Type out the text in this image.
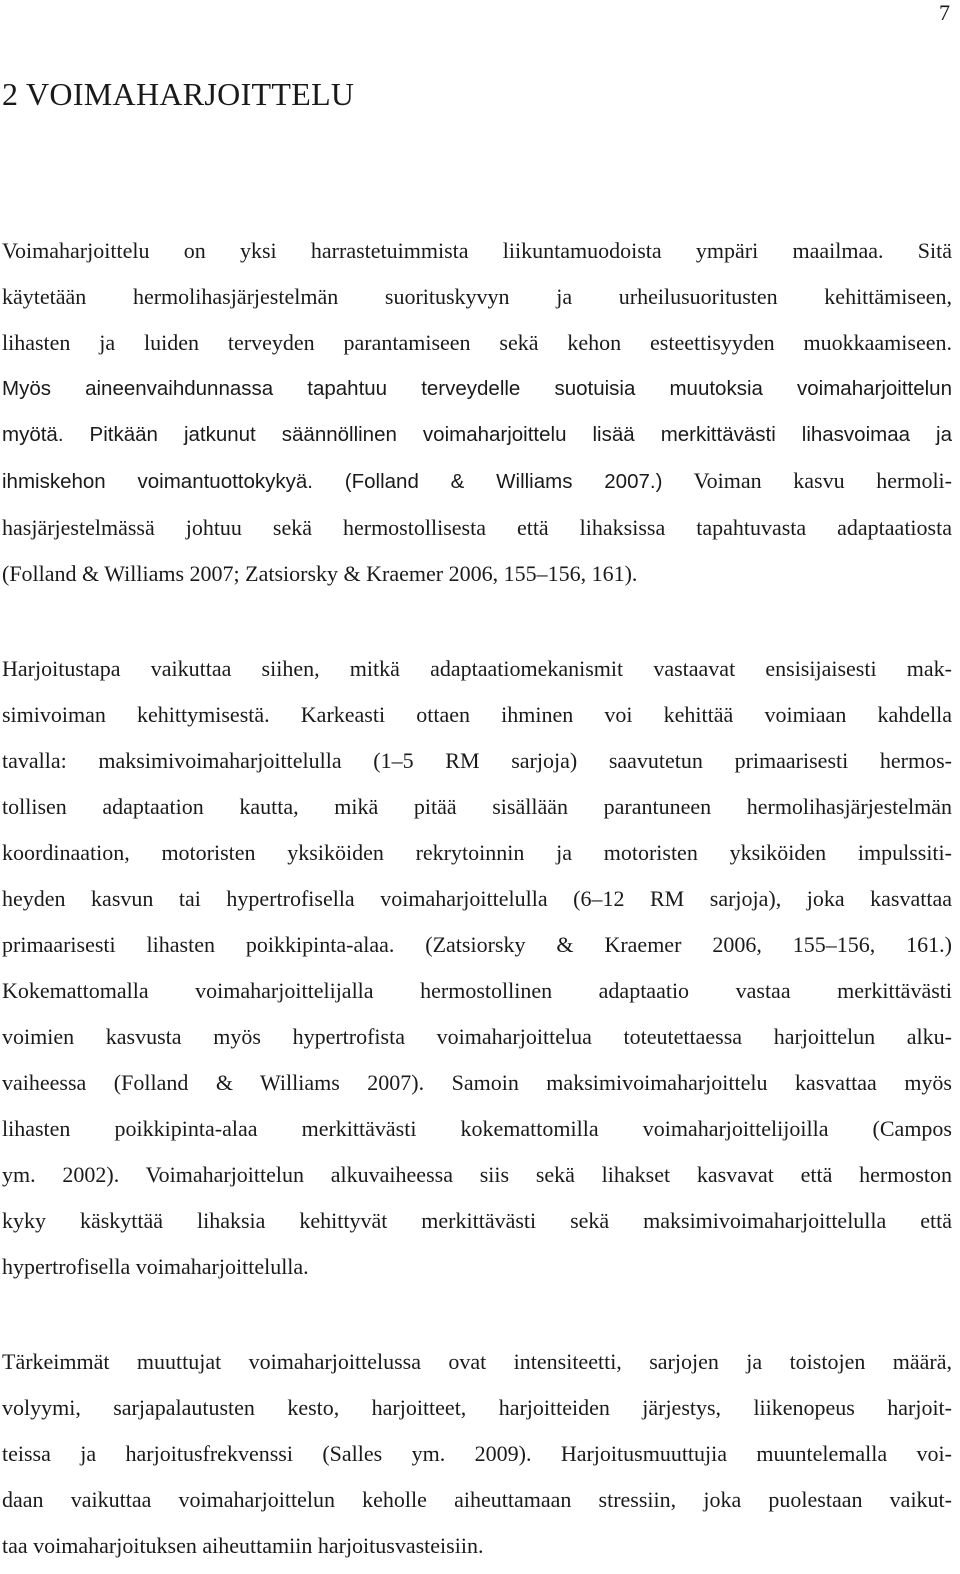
7
2 VOIMAHARJOITTELU
Voimaharjoittelu on yksi harrastetuimmista liikuntamuodoista ympäri maailmaa. Sitä
käytetään hermolihasjärjestelmän suorituskyvyn ja urheilusuoritusten kehittämiseen,
lihasten ja luiden terveyden parantamiseen sekä kehon esteettisyyden muokkaamiseen.
Myös aineenvaihdunnassa tapahtuu terveydelle suotuisia muutoksia voimaharjoittelun
myötä. Pitkään jatkunut säännöllinen voimaharjoittelu lisää merkittävästi lihasvoimaa ja
ihmiskehon voimantuottokykyä. (Folland & Williams 2007.) Voiman kasvu hermoli-
hasjärjestelmässä johtuu sekä hermostollisesta että lihaksissa tapahtuvasta adaptaatiosta
(Folland & Williams 2007; Zatsiorsky & Kraemer 2006, 155–156, 161).
Harjoitustapa vaikuttaa siihen, mitkä adaptaatiomekanismit vastaavat ensisijaisesti mak-
simivoiman kehittymisestä. Karkeasti ottaen ihminen voi kehittää voimiaan kahdella
tavalla: maksimivoimaharjoittelulla (1–5 RM sarjoja) saavutetun primaarisesti hermos-
tollisen adaptaation kautta, mikä pitää sisällään parantuneen hermolihasjärjestelmän
koordinaation, motoristen yksiköiden rekrytoinnin ja motoristen yksiköiden impulssiti-
heyden kasvun tai hypertrofisella voimaharjoittelulla (6–12 RM sarjoja), joka kasvattaa
primaarisesti lihasten poikkipinta-alaa. (Zatsiorsky & Kraemer 2006, 155–156, 161.)
Kokemattomalla voimaharjoittelijalla hermostollinen adaptaatio vastaa merkittävästi
voimien kasvusta myös hypertrofista voimaharjoittelua toteutettaessa harjoittelun alku-
vaiheessa (Folland & Williams 2007). Samoin maksimivoimaharjoittelu kasvattaa myös
lihasten poikkipinta-alaa merkittävästi kokemattomilla voimaharjoittelijoilla (Campos
ym. 2002). Voimaharjoittelun alkuvaiheessa siis sekä lihakset kasvavat että hermoston
kyky käskyttää lihaksia kehittyvät merkittävästi sekä maksimivoimaharjoittelulla että
hypertrofisella voimaharjoittelulla.
Tärkeimmät muuttujat voimaharjoittelussa ovat intensiteetti, sarjojen ja toistojen määrä,
volyymi, sarjapalautusten kesto, harjoitteet, harjoitteiden järjestys, liikenopeus harjoit-
teissa ja harjoitusfrekvenssi (Salles ym. 2009). Harjoitusmuuttujia muuntelemalla voi-
daan vaikuttaa voimaharjoittelun keholle aiheuttamaan stressiin, joka puolestaan vaikut-
taa voimaharjoituksen aiheuttamiin harjoitusvasteisiin.
